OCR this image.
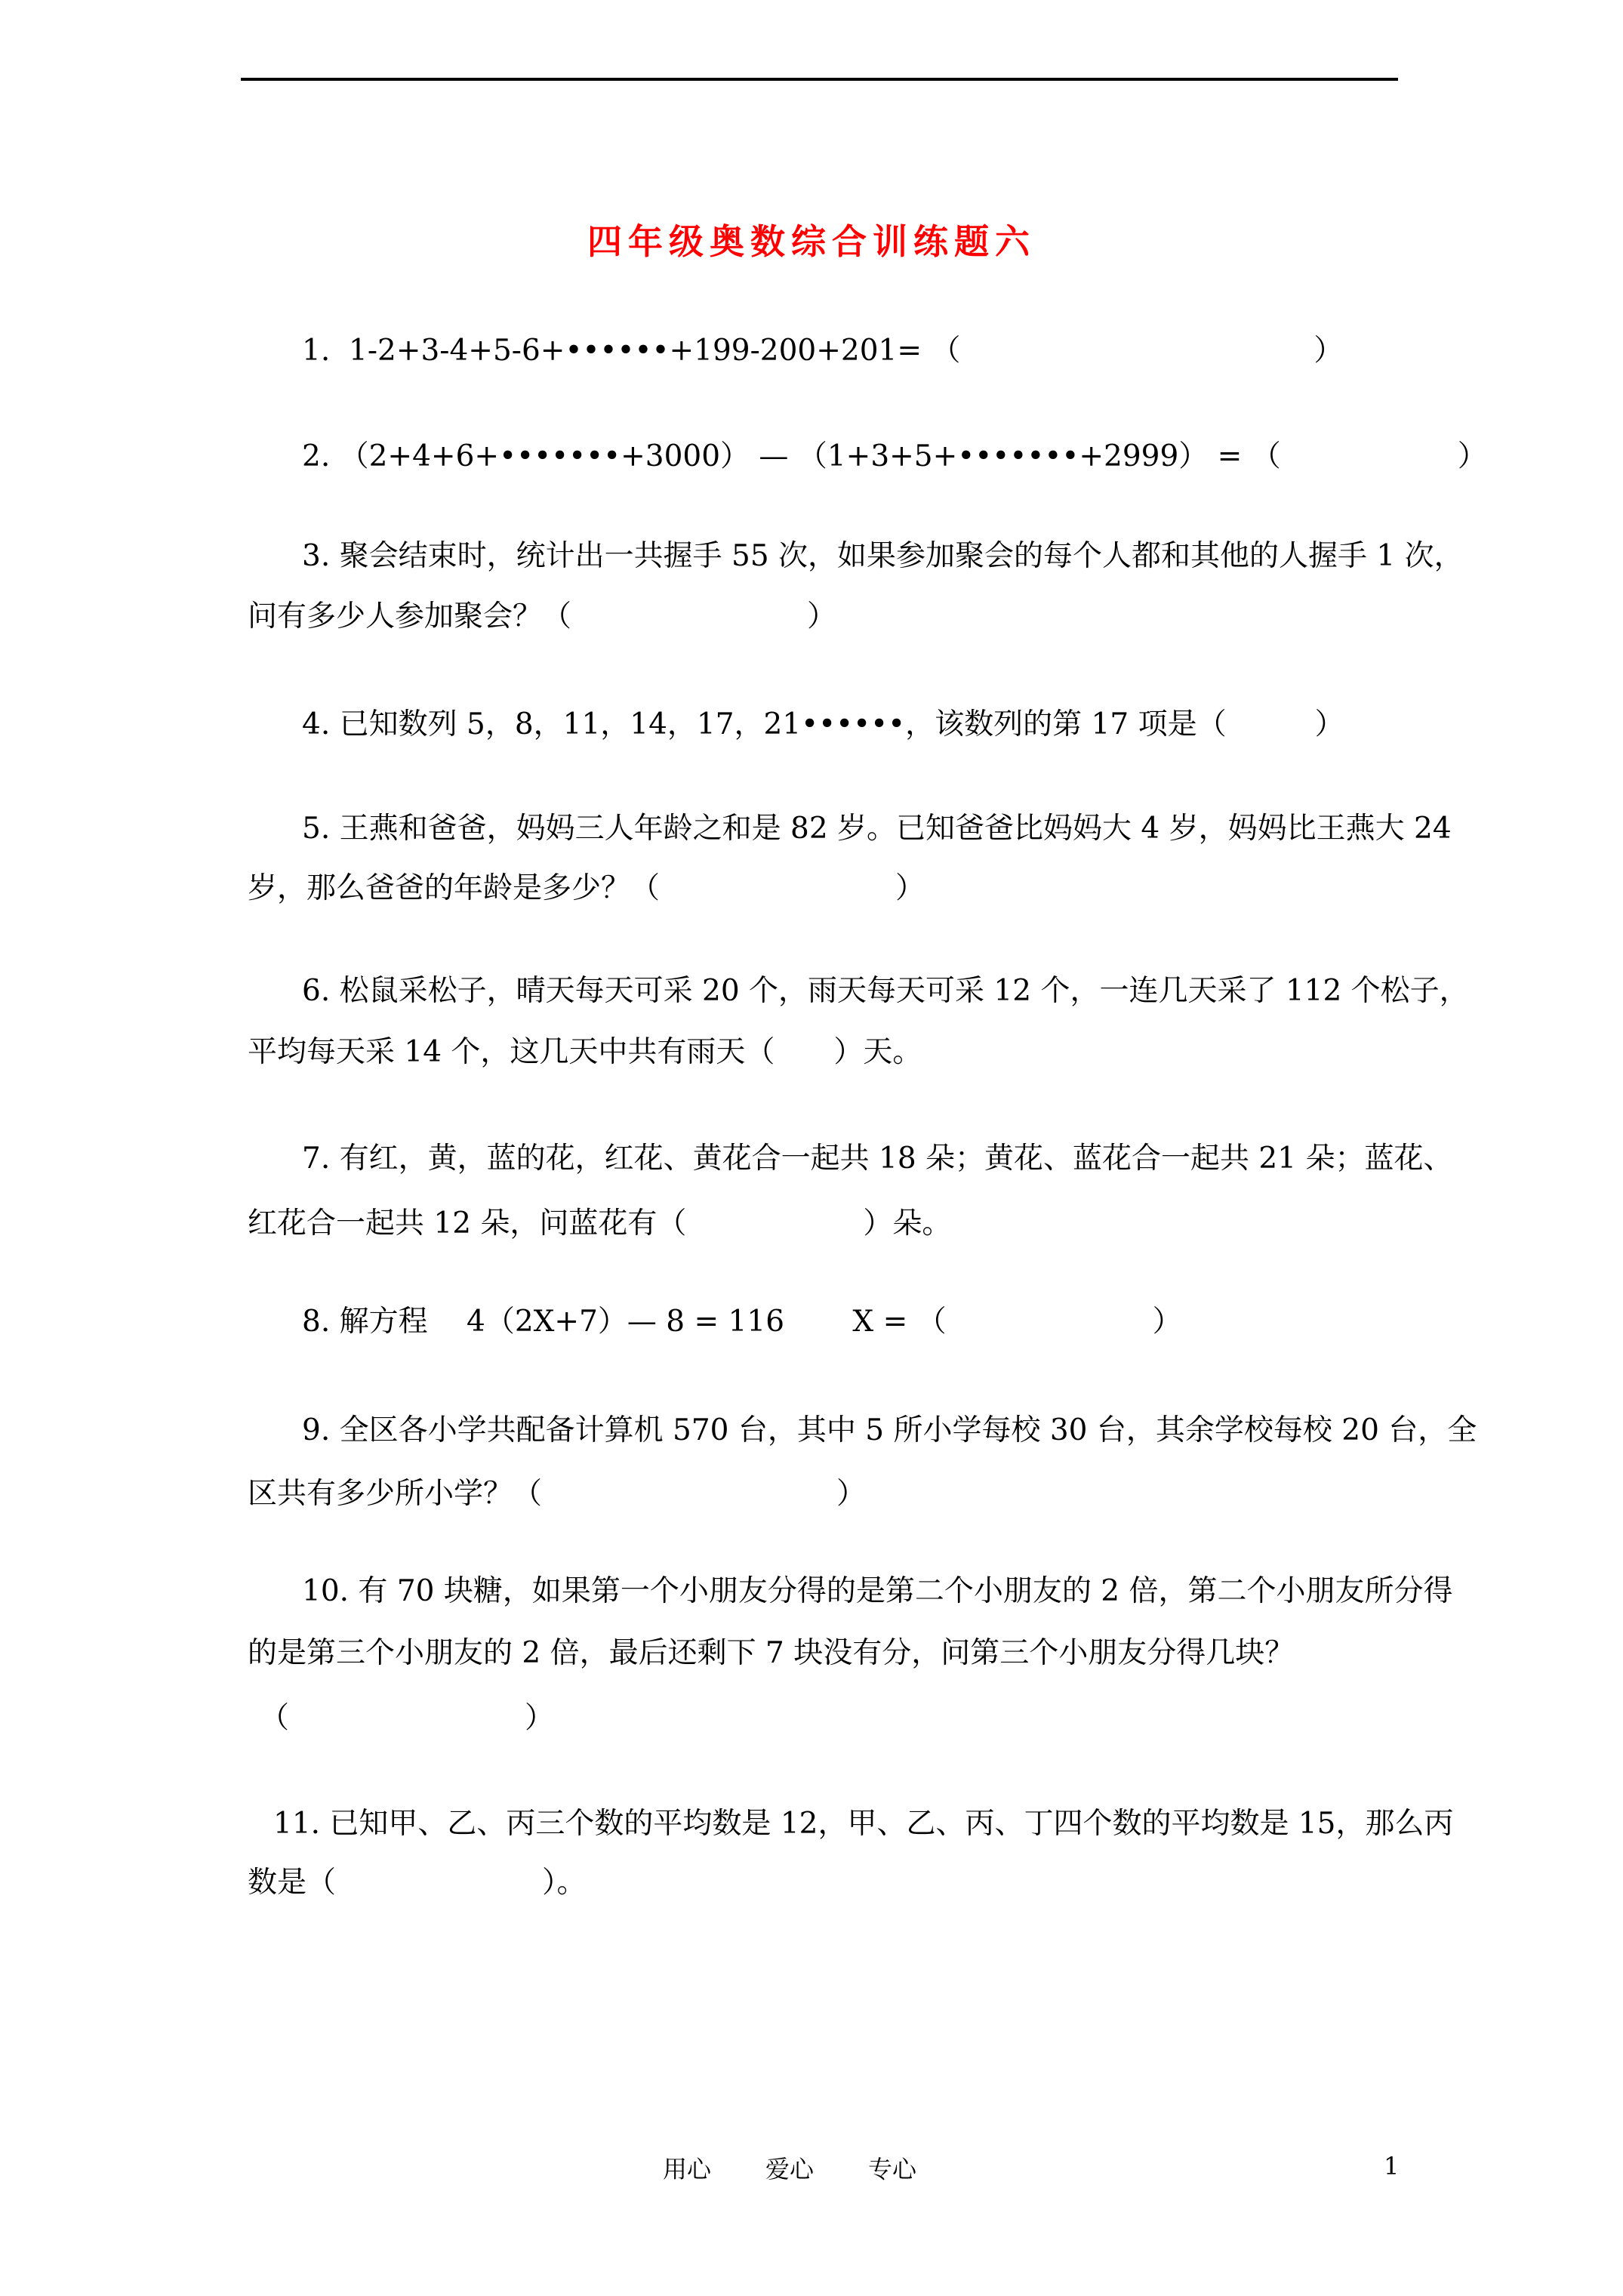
四年级奥数综合训练题六
1.  1-2+3-4+5-6+••••••+199-200+201= （　　　　　　　　　　　　）
2. （2+4+6+•••••••+3000） — （1+3+5+•••••••+2999） = （　　　　　　）
3. 聚会结束时，统计出一共握手 55 次，如果参加聚会的每个人都和其他的人握手 1 次，
问有多少人参加聚会？（　　　　　　　　）
4. 已知数列 5，8，11，14，17，21••••••，该数列的第 17 项是（　　　）
5. 王燕和爸爸，妈妈三人年龄之和是 82 岁。已知爸爸比妈妈大 4 岁，妈妈比王燕大 24
岁，那么爸爸的年龄是多少？（　　　　　　　　）
6. 松鼠采松子，晴天每天可采 20 个，雨天每天可采 12 个，一连几天采了 112 个松子，
平均每天采 14 个，这几天中共有雨天（　　）天。
7. 有红，黄，蓝的花，红花、黄花合一起共 18 朵；黄花、蓝花合一起共 21 朵；蓝花、
红花合一起共 12 朵，问蓝花有（　　　　　　）朵。
8. 解方程　 4（2X+7）— 8 = 116　　 X = （　　　　　　　）
9. 全区各小学共配备计算机 570 台，其中 5 所小学每校 30 台，其余学校每校 20 台，全
区共有多少所小学？（　　　　　　　　　　）
10. 有 70 块糖，如果第一个小朋友分得的是第二个小朋友的 2 倍，第二个小朋友所分得
的是第三个小朋友的 2 倍，最后还剩下 7 块没有分，问第三个小朋友分得几块？
（　　　　　　　　）
11. 已知甲、乙、丙三个数的平均数是 12，甲、乙、丙、丁四个数的平均数是 15，那么丙
数是（　　　　　　　）。
用心 爱心 专心	1
